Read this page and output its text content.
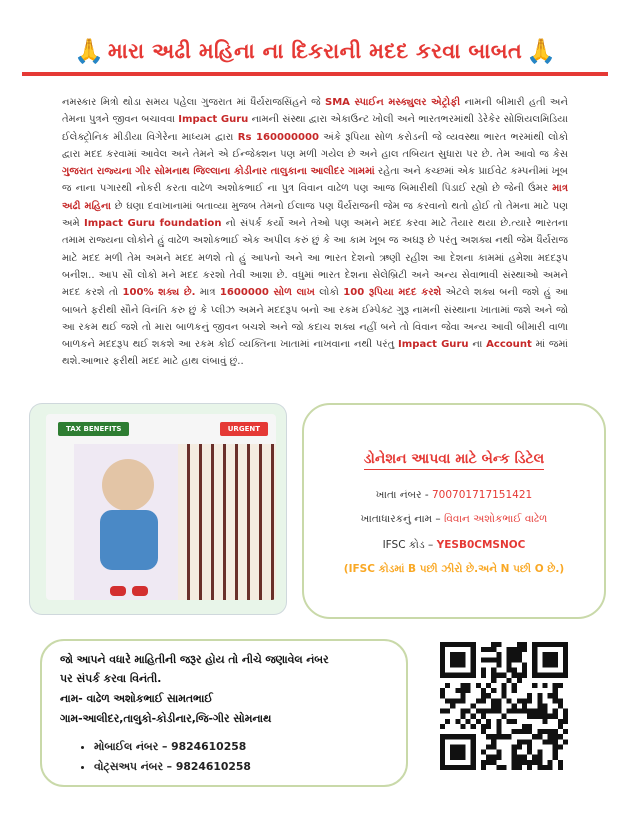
🙏 મારા અઢી મહિના ના દિકરાની મદદ કરવા બાબત 🙏
નમસ્કાર મિત્રો થોડા સમય પહેલા ગુજરાત માં ધૈર્યરાજસિંહને જે SMA સ્પાઈન મસ્ક્યુલર એટ્રોફી નામની બીમારી હતી અને તેમના પુત્રને જીવન બચાવવા Impact Guru નામની સંસ્થા દ્વારા એકાઉન્ટ ખોલી અને ભારતભરમાંથી ડેરેકેર સોશિયલમિડિયા ઈલેક્ટ્રોનિક મીડીયા વિગેરેના માધ્યમ દ્વારા Rs 160000000 અંકે રૂપિયા સોળ કરોડની જે વ્યવસ્થા ભારત ભરમાંથી લોકો દ્વારા મદદ કરવામાં આવેલ અને તેમને એ ઈન્જેક્શન પણ મળી ગયેલ છે અને હાલ તબિયત સુધારા પર છે. તેમ આવો જ કેસ ગુજરાત રાજ્યના ગીર સોમનાથ જિલ્લાના કોડીનાર તાલુકાના આલીદર ગામમાં રહેતા અને કચ્છમાં એક પ્રાઈવેટ કમ્પનીમાં ખૂબ જ નાના પગારથી નોકરી કરતા વાઢેળ અશોકભાઈ ના પુત્ર વિવાન વાઢેળ પણ આજ બિમારીથી પિડાઈ રહ્યો છે જેની ઉંમર માત્ર અઢી મહિના છે ઘણા દવાખાનામાં બતાવ્યા મુજબ તેમનો ઈલાજ પણ ધૈર્યરાજની જેમ જ કરવાનો થતો હોઈ તો તેમના માટે પણ અમે Impact Guru foundation નો સંપર્ક કર્યો અને તેઓ પણ અમને મદદ કરવા માટે તૈયાર થયા છે.ત્યારે ભારતના તમામ રાજ્યના લોકોને હું વાઢેળ અશોકભાઈ એક અપીલ કરું છું કે આ કામ ખૂબ જ અઘરૂ છે પરંતુ અશક્ય નથી જેમ ધૈર્યરાજ માટે મદદ મળી તેમ અમને મદદ મળશે તો હું આપનો અને આ ભારત દેશનો ઋણી રહીશ આ દેશના કામમાં હમેશા મદદરૂપ બનીશ.. આપ સૌ લોકો મને મદદ કરશો તેવી આશા છે. વધુમાં ભારત દેશના સેલેબ્રિટી અને અન્ય સેવાભાવી સંસ્થાઓ અમને મદદ કરશે તો 100% શક્ય છે. માત્ર 1600000 સોળ લાખ લોકો 100 રૂપિયા મદદ કરશે એટલે શક્ય બની જશે હું આ બાબતે ફરીથી સૌને વિનંતિ કરુ છું કે પ્લીઝ અમને મદદરૂપ બનો આ રકમ ઈમ્પેક્ટ ગુરૂ નામની સંસ્થાના ખાતામાં જશે અને જો આ રકમ થઈ જશે તો મારા બાળકનું જીવન બચશે અને જો કદાચ શક્ય નહીં બને તો વિવાન જેવા અન્ય આવી બીમારી વાળા બાળકને મદદરૂપ થઈ શકશે આ રકમ કોઈ વ્યક્તિના ખાતામાં નાખવાના નથી પરંતુ Impact Guru ના Account માં જમાં થશે.આભાર ફરીથી મદદ માટે હાથ લંબાવું છું..
TAX BENEFITS	URGENT
ડોનેશન આપવા માટે બેન્ક ડિટેલ
ખાતા નંબર - 700701717151421
ખાતાધારકનું નામ – વિવાન અશોકભાઈ વાઢેળ
IFSC કોડ – YESB0CMSNOC
(IFSC કોડમાં B પછી ઝીરો છે.અને N પછી O છે.)
જો આપને વધારે માહિતીની જરૂર હોય તો નીચે જણાવેલ નંબર
પર સંપર્ક કરવા વિનંતી.
નામ- વાઢેળ અશોકભાઈ સામતભાઈ
ગામ-આલીદર,તાલુકો-કોડીનાર,જિ-ગીર સોમનાથ
• મોબાઈલ નંબર – 9824610258
• વોટ્સઅપ નંબર – 9824610258
